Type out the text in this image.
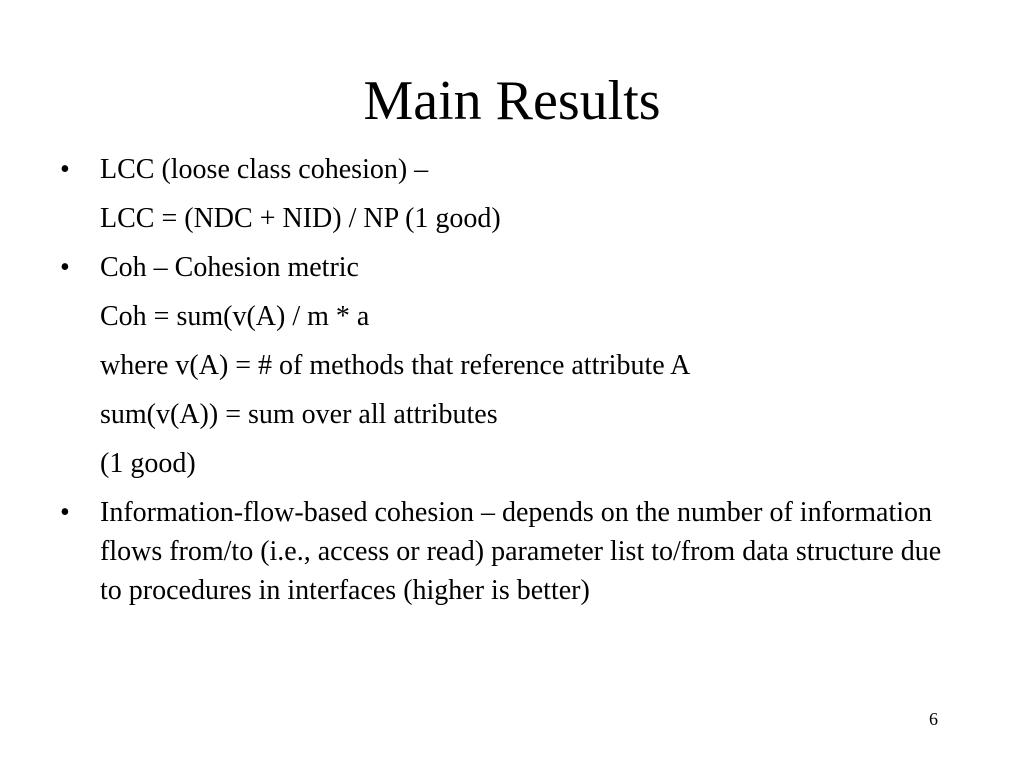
Main Results
•	LCC (loose class cohesion) –
LCC = (NDC + NID) / NP (1 good)
•	Coh – Cohesion metric
Coh = sum(v(A) / m * a
where v(A) = # of methods that reference attribute A
sum(v(A)) = sum over all attributes
(1 good)
•	Information-flow-based cohesion – depends on the number of information flows from/to (i.e., access or read) parameter list to/from data structure due to procedures in interfaces (higher is better)
6
